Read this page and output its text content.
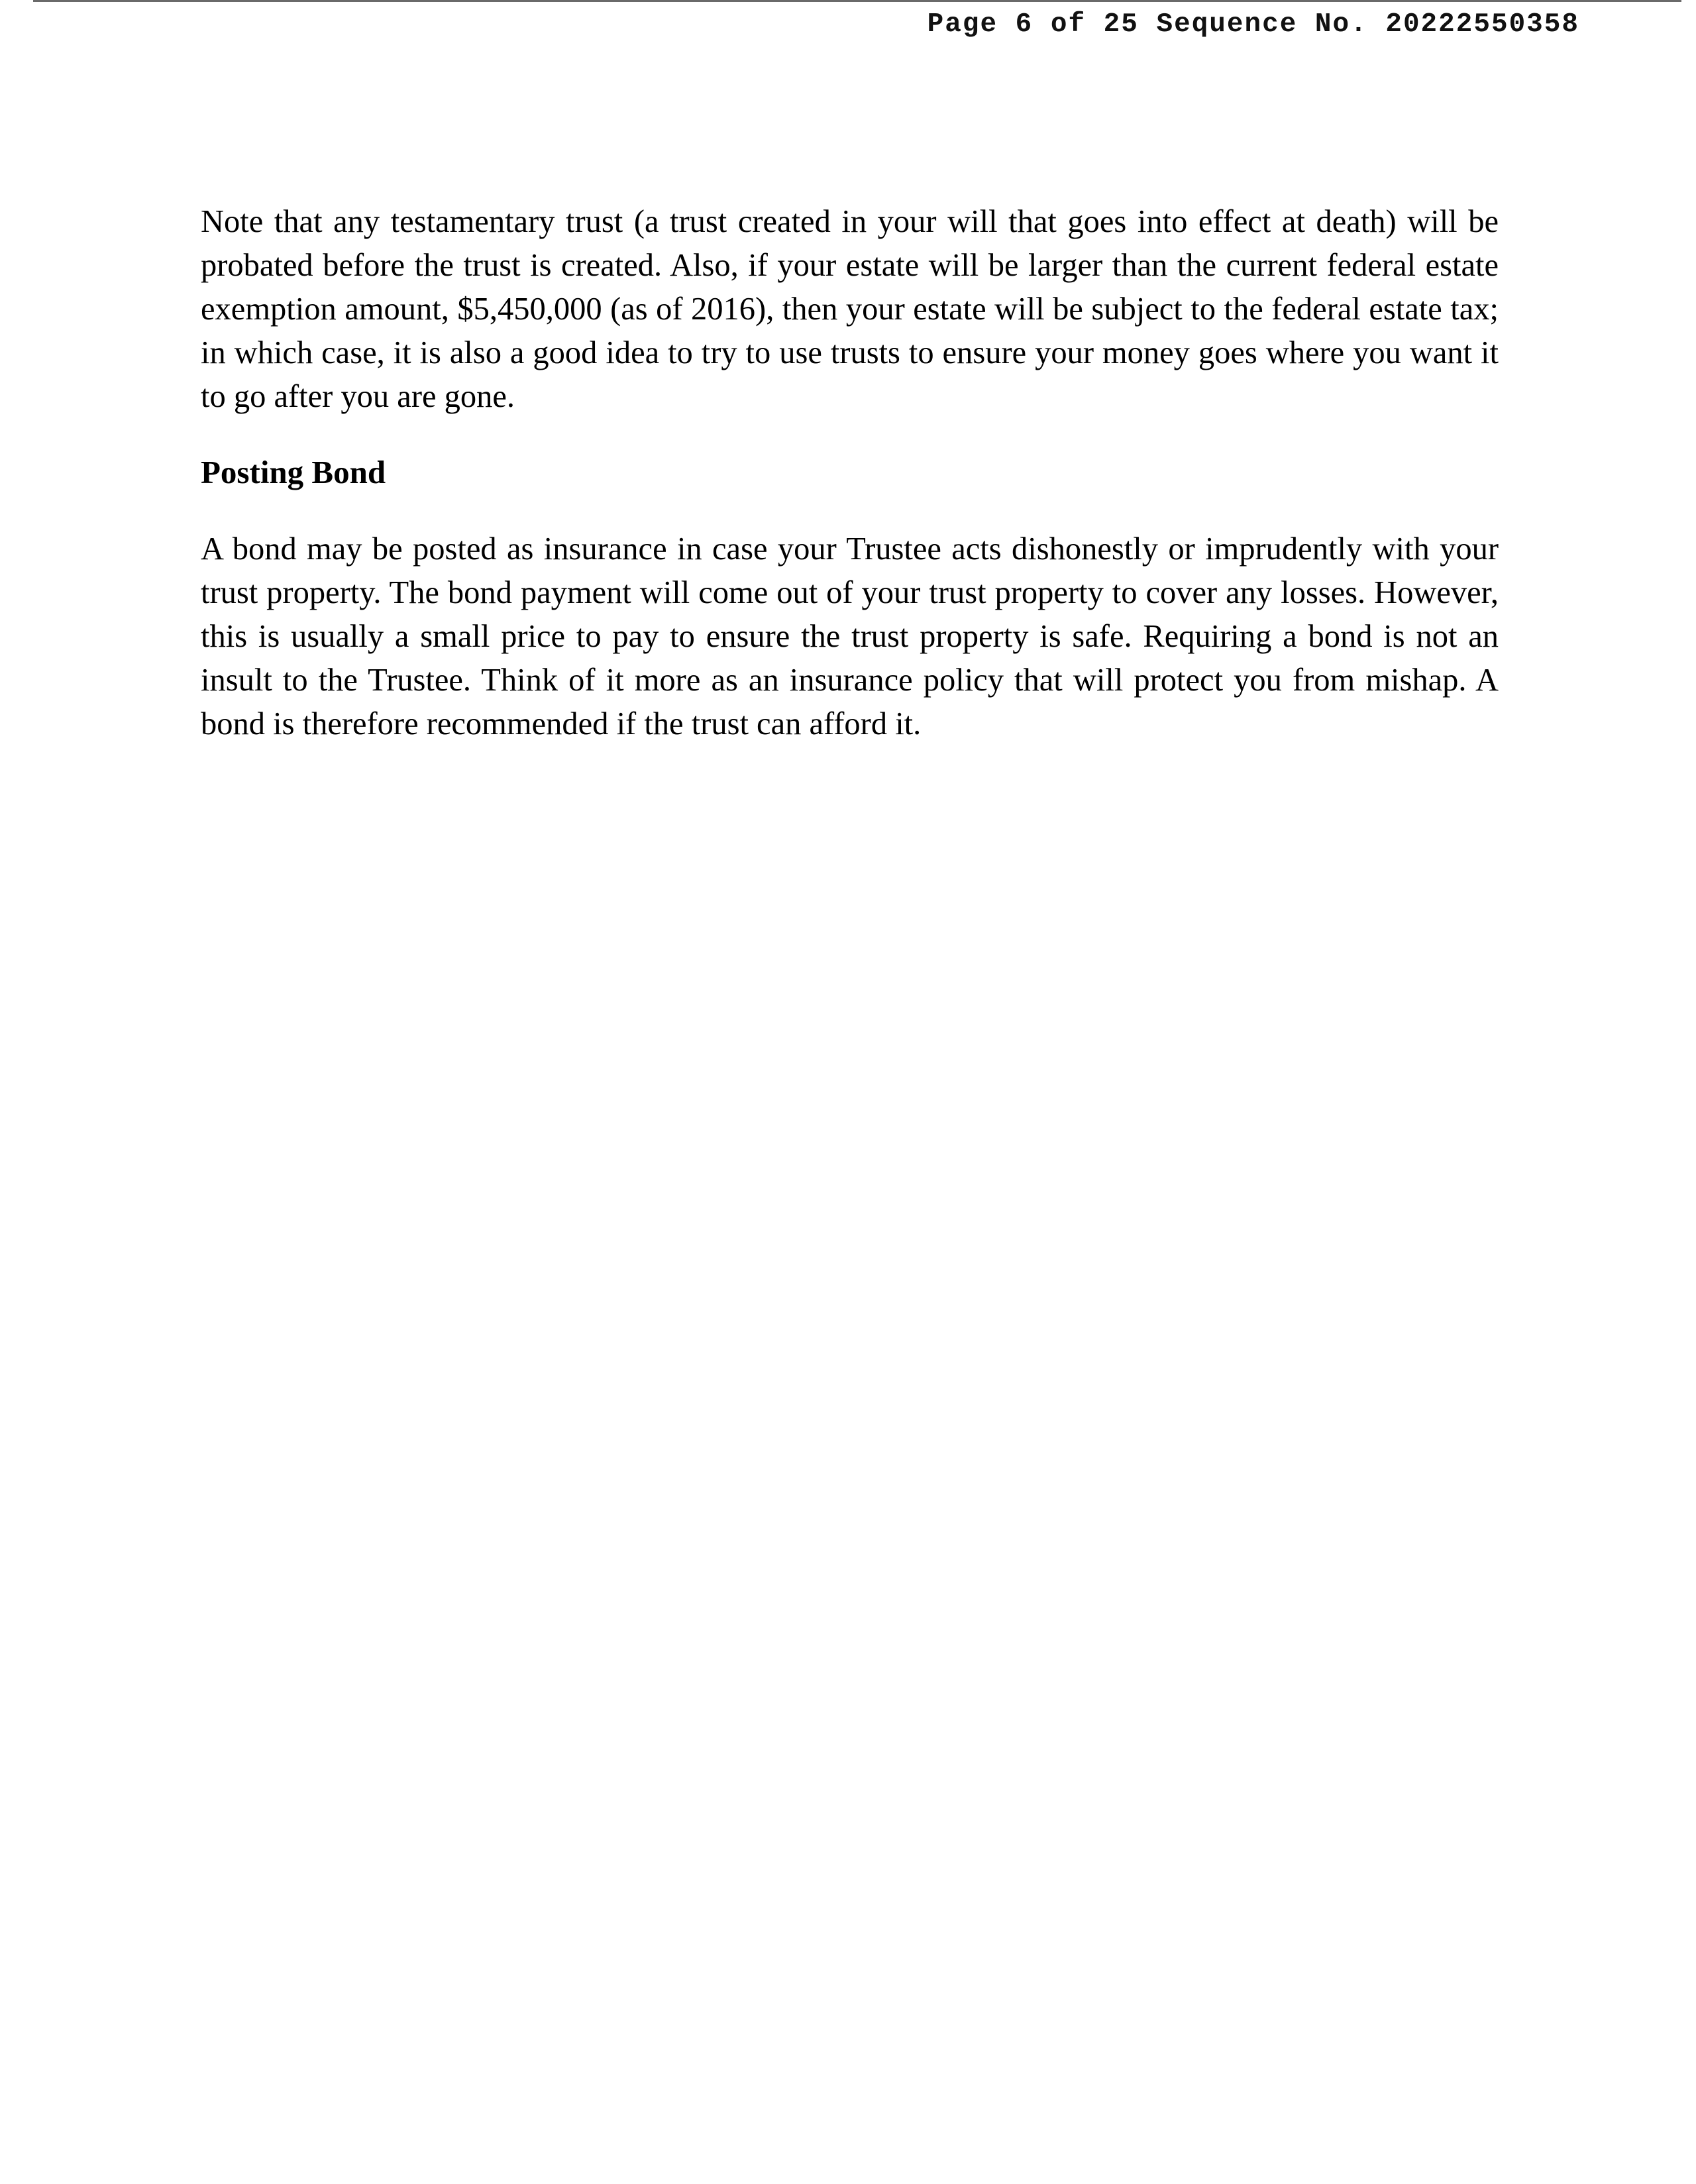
Page 6 of 25
Sequence No. 20222550358

Note that any testamentary trust (a trust created in your will that goes into effect at death) will be probated before the trust is created. Also, if your estate will be larger than the current federal estate exemption amount, $5,450,000 (as of 2016), then your estate will be subject to the federal estate tax; in which case, it is also a good idea to try to use trusts to ensure your money goes where you want it to go after you are gone.

Posting Bond

A bond may be posted as insurance in case your Trustee acts dishonestly or imprudently with your trust property. The bond payment will come out of your trust property to cover any losses. However, this is usually a small price to pay to ensure the trust property is safe. Requiring a bond is not an insult to the Trustee. Think of it more as an insurance policy that will protect you from mishap. A bond is therefore recommended if the trust can afford it.
